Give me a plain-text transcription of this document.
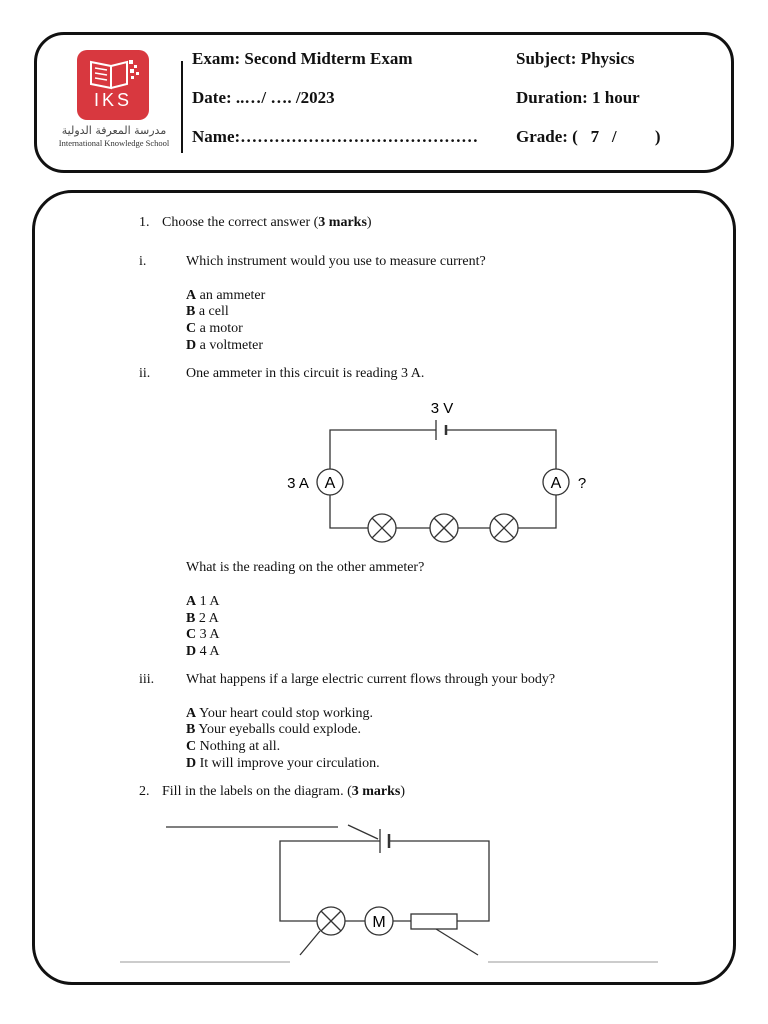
IKS
مدرسة المعرفة الدولية
International Knowledge School
Exam: Second Midterm Exam	Subject: Physics
Date: ..…/ …. /2023	Duration: 1 hour
Name:…………………………………… Grade: (   7   /         )
1. Choose the correct answer (3 marks)
i.	Which instrument would you use to measure current?
A an ammeter
B a cell
C a motor
D a voltmeter
ii.	One ammeter in this circuit is reading 3 A.
3 V
A
3 A	A ?
What is the reading on the other ammeter?
A 1 A
B 2 A
C 3 A
D 4 A
iii. What happens if a large electric current flows through your body?
A Your heart could stop working.
B Your eyeballs could explode.
C Nothing at all.
D It will improve your circulation.
2. Fill in the labels on the diagram. (3 marks)
M
